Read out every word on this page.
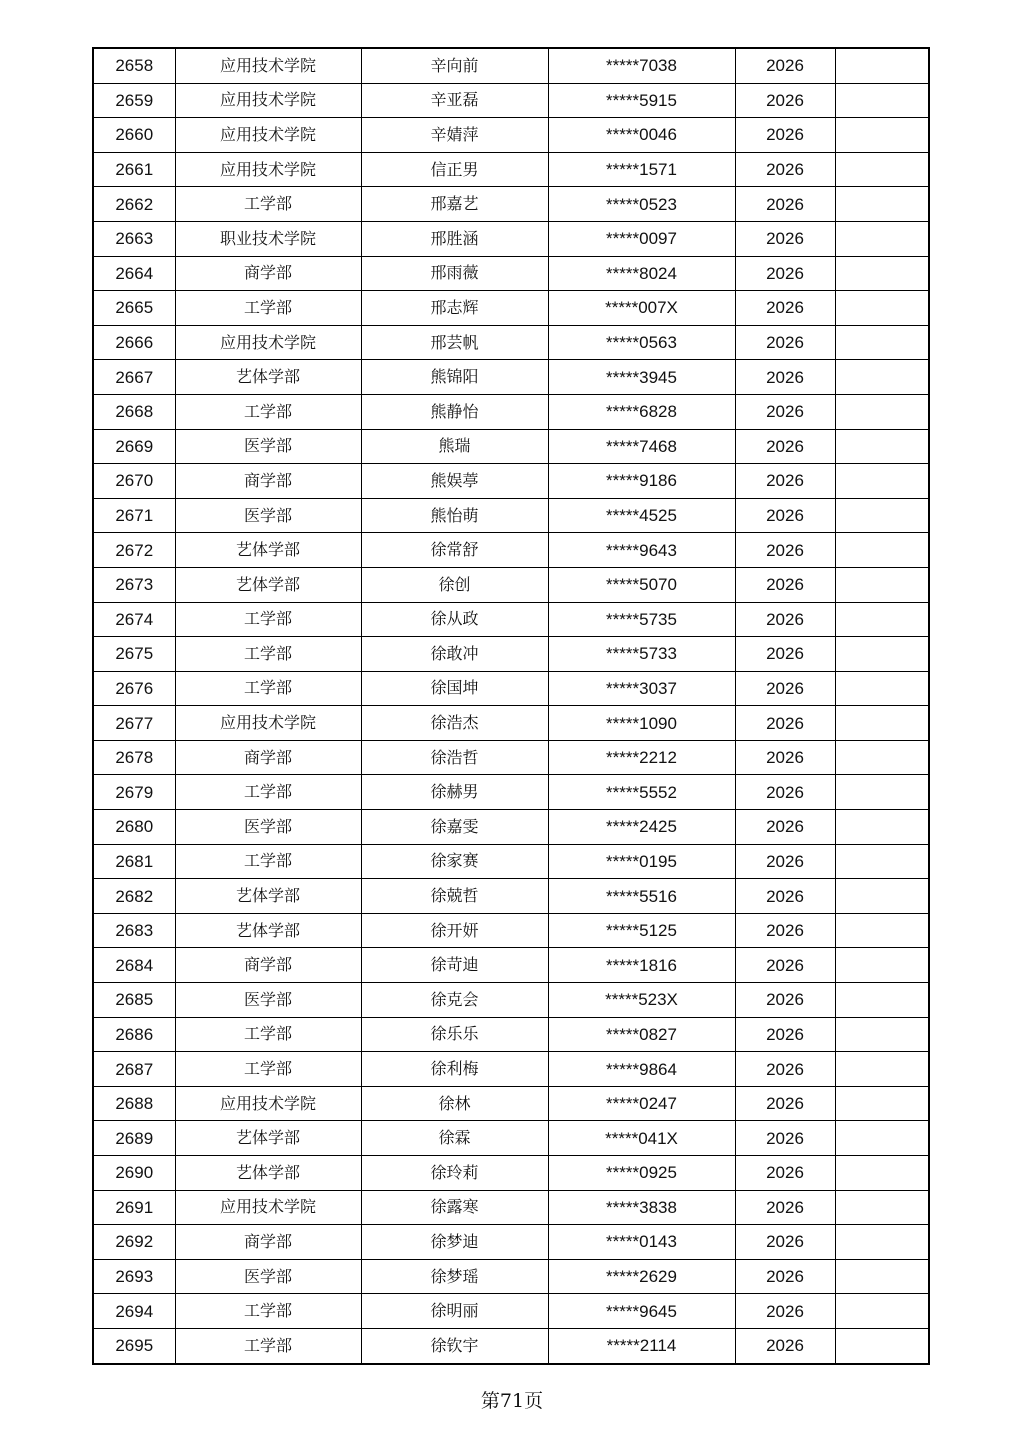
2658	应用技术学院	辛向前	*****7038	2026	
2659	应用技术学院	辛亚磊	*****5915	2026	
2660	应用技术学院	辛婧萍	*****0046	2026	
2661	应用技术学院	信正男	*****1571	2026	
2662	工学部	邢嘉艺	*****0523	2026	
2663	职业技术学院	邢胜涵	*****0097	2026	
2664	商学部	邢雨薇	*****8024	2026	
2665	工学部	邢志辉	*****007X	2026	
2666	应用技术学院	邢芸帆	*****0563	2026	
2667	艺体学部	熊锦阳	*****3945	2026	
2668	工学部	熊静怡	*****6828	2026	
2669	医学部	熊瑞	*****7468	2026	
2670	商学部	熊娱葶	*****9186	2026	
2671	医学部	熊怡萌	*****4525	2026	
2672	艺体学部	徐常舒	*****9643	2026	
2673	艺体学部	徐创	*****5070	2026	
2674	工学部	徐从政	*****5735	2026	
2675	工学部	徐敢冲	*****5733	2026	
2676	工学部	徐国坤	*****3037	2026	
2677	应用技术学院	徐浩杰	*****1090	2026	
2678	商学部	徐浩哲	*****2212	2026	
2679	工学部	徐赫男	*****5552	2026	
2680	医学部	徐嘉雯	*****2425	2026	
2681	工学部	徐家赛	*****0195	2026	
2682	艺体学部	徐兢哲	*****5516	2026	
2683	艺体学部	徐开妍	*****5125	2026	
2684	商学部	徐苛迪	*****1816	2026	
2685	医学部	徐克会	*****523X	2026	
2686	工学部	徐乐乐	*****0827	2026	
2687	工学部	徐利梅	*****9864	2026	
2688	应用技术学院	徐林	*****0247	2026	
2689	艺体学部	徐霖	*****041X	2026	
2690	艺体学部	徐玲莉	*****0925	2026	
2691	应用技术学院	徐露寒	*****3838	2026	
2692	商学部	徐梦迪	*****0143	2026	
2693	医学部	徐梦瑶	*****2629	2026	
2694	工学部	徐明丽	*****9645	2026	
2695	工学部	徐钦宇	*****2114	2026	
第71页
